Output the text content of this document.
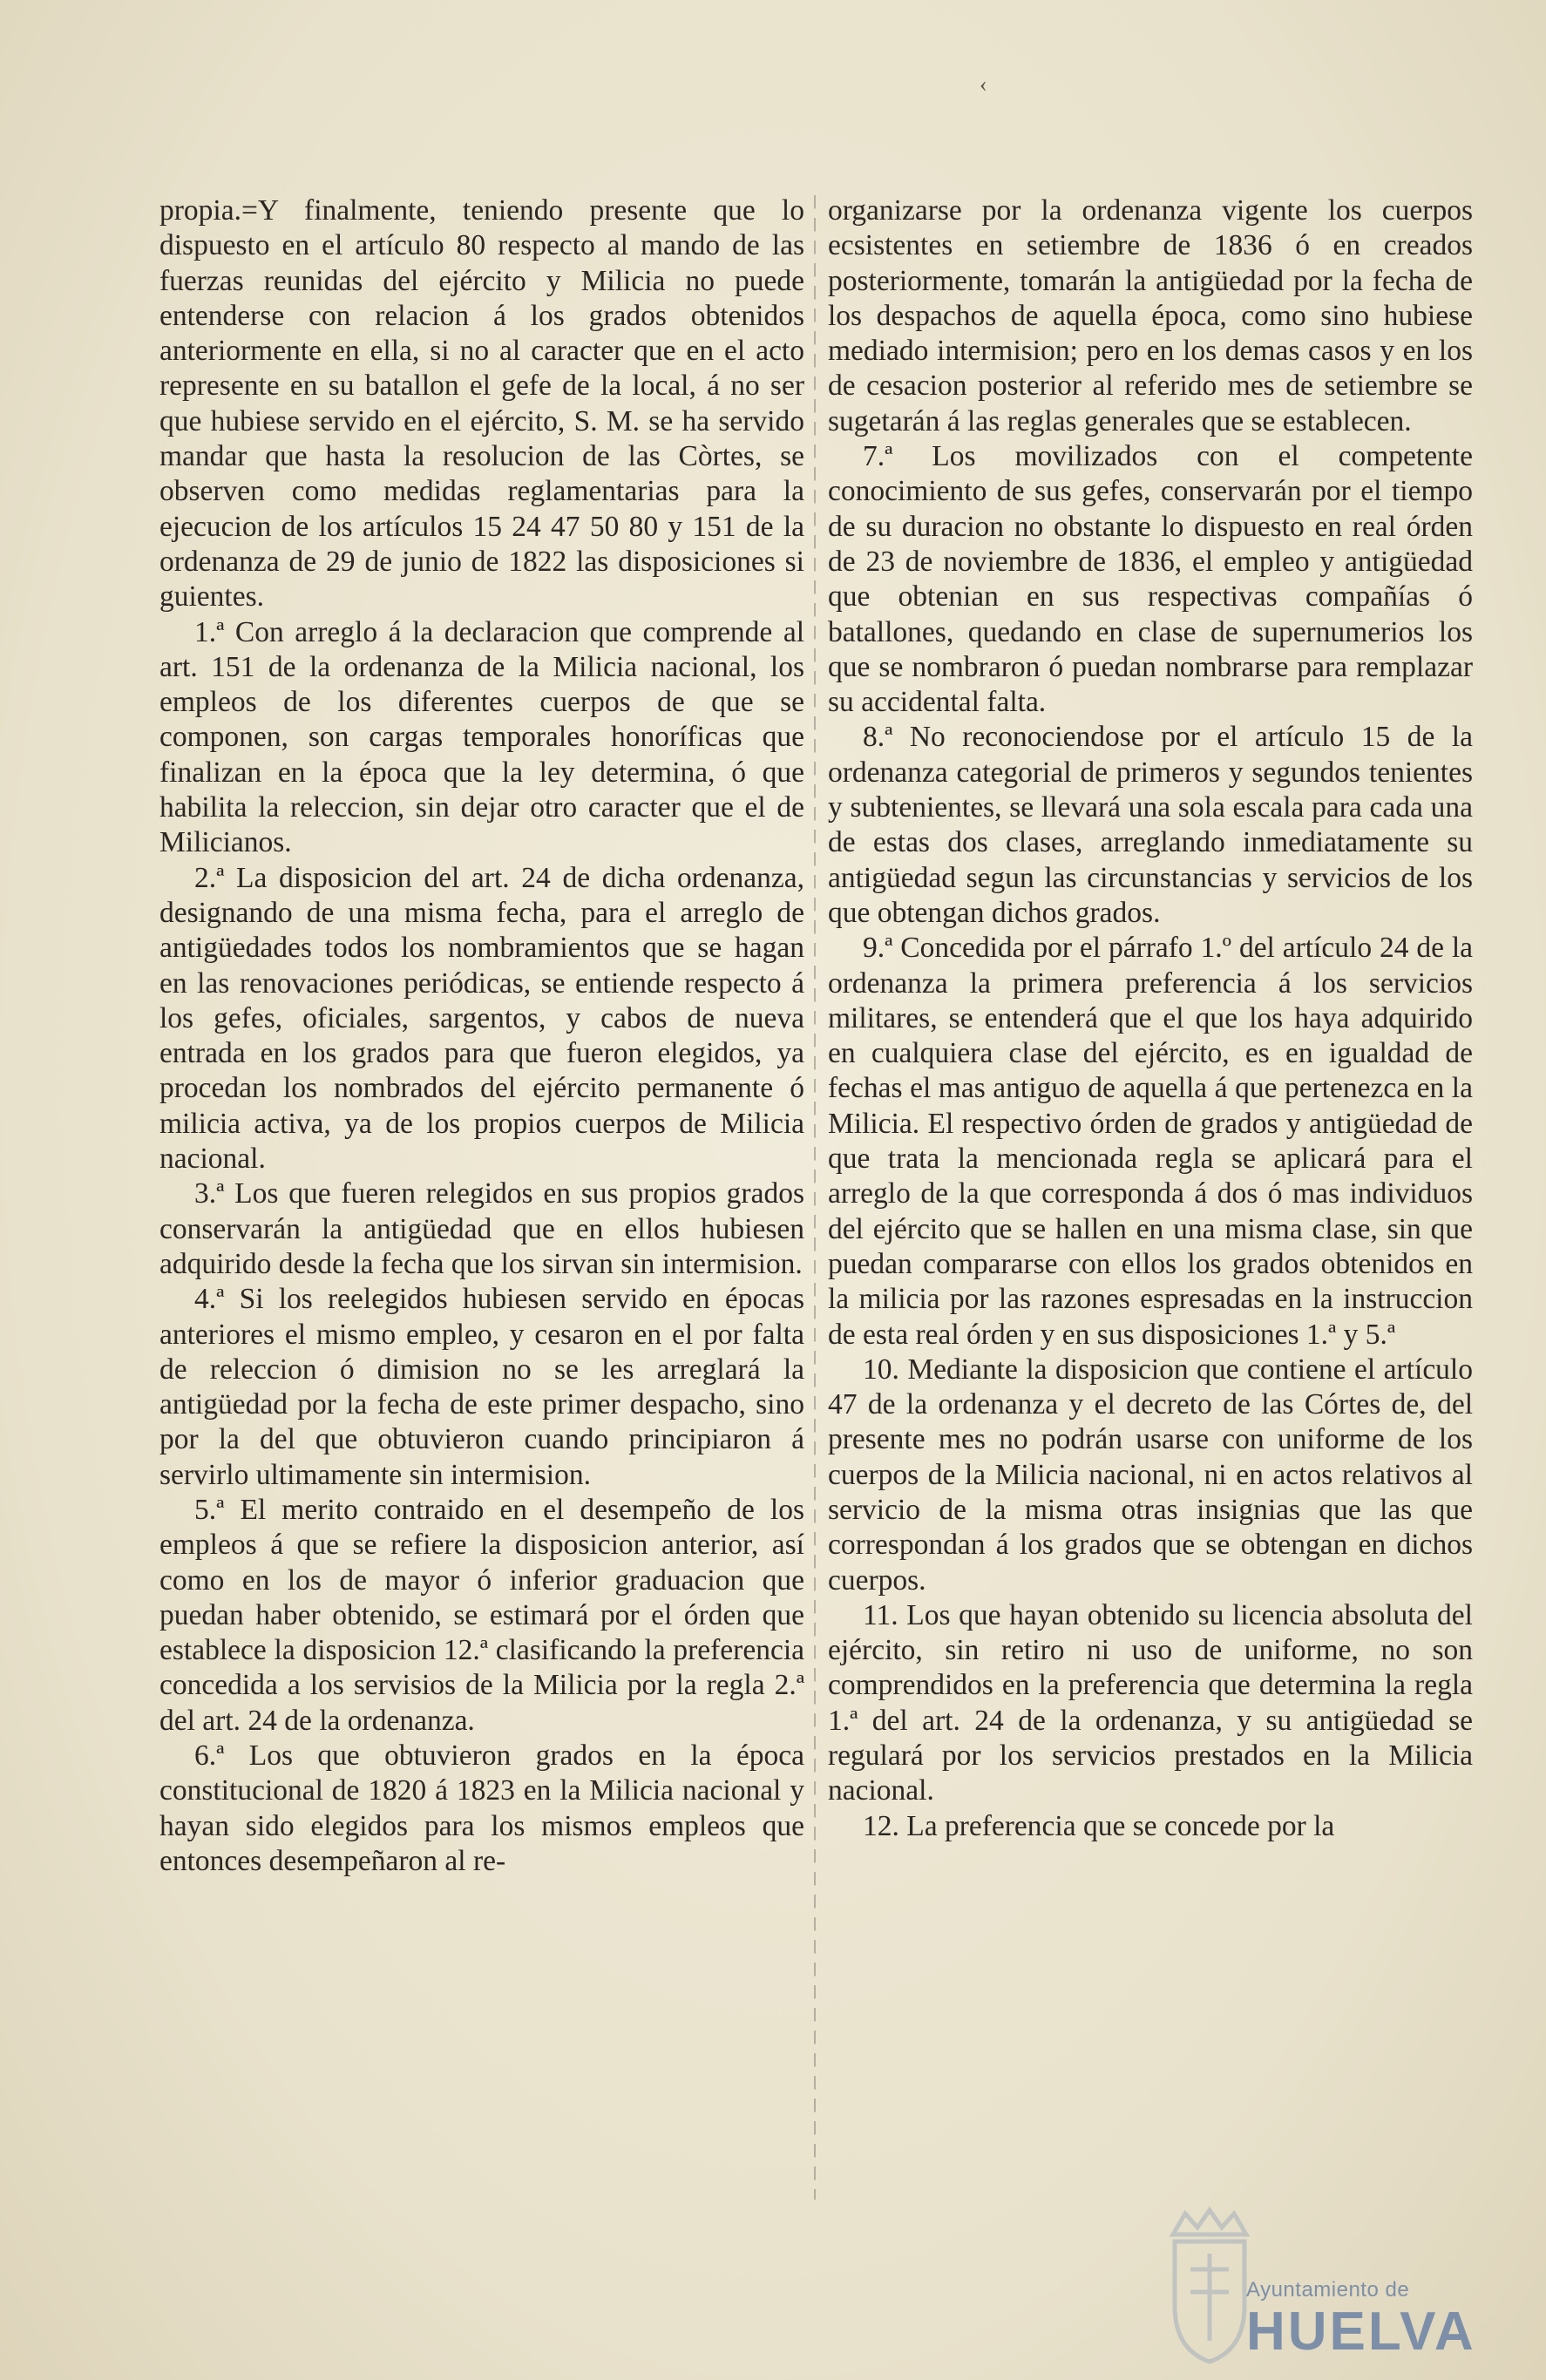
‹

propia.=Y finalmente, teniendo presente que lo dispuesto en el artículo 80 respecto al mando de las fuerzas reunidas del ejército y Milicia no puede entenderse con relacion á los grados obtenidos anteriormente en ella, si no al caracter que en el acto represente en su batallon el gefe de la local, á no ser que hubiese servido en el ejército, S. M. se ha servido mandar que hasta la resolucion de las Còrtes, se observen como medidas reglamentarias para la ejecucion de los artículos 15 24 47 50 80 y 151 de la ordenanza de 29 de junio de 1822 las disposiciones si guientes.

1.ª Con arreglo á la declaracion que comprende al art. 151 de la ordenanza de la Milicia nacional, los empleos de los diferentes cuerpos de que se componen, son cargas temporales honoríficas que finalizan en la época que la ley determina, ó que habilita la releccion, sin dejar otro caracter que el de Milicianos.

2.ª La disposicion del art. 24 de dicha ordenanza, designando de una misma fecha, para el arreglo de antigüedades todos los nombramientos que se hagan en las renovaciones periódicas, se entiende respecto á los gefes, oficiales, sargentos, y cabos de nueva entrada en los grados para que fueron elegidos, ya procedan los nombrados del ejército permanente ó milicia activa, ya de los propios cuerpos de Milicia nacional.

3.ª Los que fueren relegidos en sus propios grados conservarán la antigüedad que en ellos hubiesen adquirido desde la fecha que los sirvan sin intermision.

4.ª Si los reelegidos hubiesen servido en épocas anteriores el mismo empleo, y cesaron en el por falta de releccion ó dimision no se les arreglará la antigüedad por la fecha de este primer despacho, sino por la del que obtuvieron cuando principiaron á servirlo ultimamente sin intermision.

5.ª El merito contraido en el desempeño de los empleos á que se refiere la disposicion anterior, así como en los de mayor ó inferior graduacion que puedan haber obtenido, se estimará por el órden que establece la disposicion 12.ª clasificando la preferencia concedida a los servisios de la Milicia por la regla 2.ª del art. 24 de la ordenanza.

6.ª Los que obtuvieron grados en la época constitucional de 1820 á 1823 en la Milicia nacional y hayan sido elegidos para los mismos empleos que entonces desempeñaron al re-

organizarse por la ordenanza vigente los cuerpos ecsistentes en setiembre de 1836 ó en creados posteriormente, tomarán la antigüedad por la fecha de los despachos de aquella época, como sino hubiese mediado intermision; pero en los demas casos y en los de cesacion posterior al referido mes de setiembre se sugetarán á las reglas generales que se establecen.

7.ª Los movilizados con el competente conocimiento de sus gefes, conservarán por el tiempo de su duracion no obstante lo dispuesto en real órden de 23 de noviembre de 1836, el empleo y antigüedad que obtenian en sus respectivas compañías ó batallones, quedando en clase de supernumerios los que se nombraron ó puedan nombrarse para remplazar su accidental falta.

8.ª No reconociendose por el artículo 15 de la ordenanza categorial de primeros y segundos tenientes y subtenientes, se llevará una sola escala para cada una de estas dos clases, arreglando inmediatamente su antigüedad segun las circunstancias y servicios de los que obtengan dichos grados.

9.ª Concedida por el párrafo 1.º del artículo 24 de la ordenanza la primera preferencia á los servicios militares, se entenderá que el que los haya adquirido en cualquiera clase del ejército, es en igualdad de fechas el mas antiguo de aquella á que pertenezca en la Milicia. El respectivo órden de grados y antigüedad de que trata la mencionada regla se aplicará para el arreglo de la que corresponda á dos ó mas individuos del ejército que se hallen en una misma clase, sin que puedan compararse con ellos los grados obtenidos en la milicia por las razones espresadas en la instruccion de esta real órden y en sus disposiciones 1.ª y 5.ª

10. Mediante la disposicion que contiene el artículo 47 de la ordenanza y el decreto de las Córtes de, del presente mes no podrán usarse con uniforme de los cuerpos de la Milicia nacional, ni en actos relativos al servicio de la misma otras insignias que las que correspondan á los grados que se obtengan en dichos cuerpos.

11. Los que hayan obtenido su licencia absoluta del ejército, sin retiro ni uso de uniforme, no son comprendidos en la preferencia que determina la regla 1.ª del art. 24 de la ordenanza, y su antigüedad se regulará por los servicios prestados en la Milicia nacional.

12. La preferencia que se concede por la

Ayuntamiento de
HUELVA
